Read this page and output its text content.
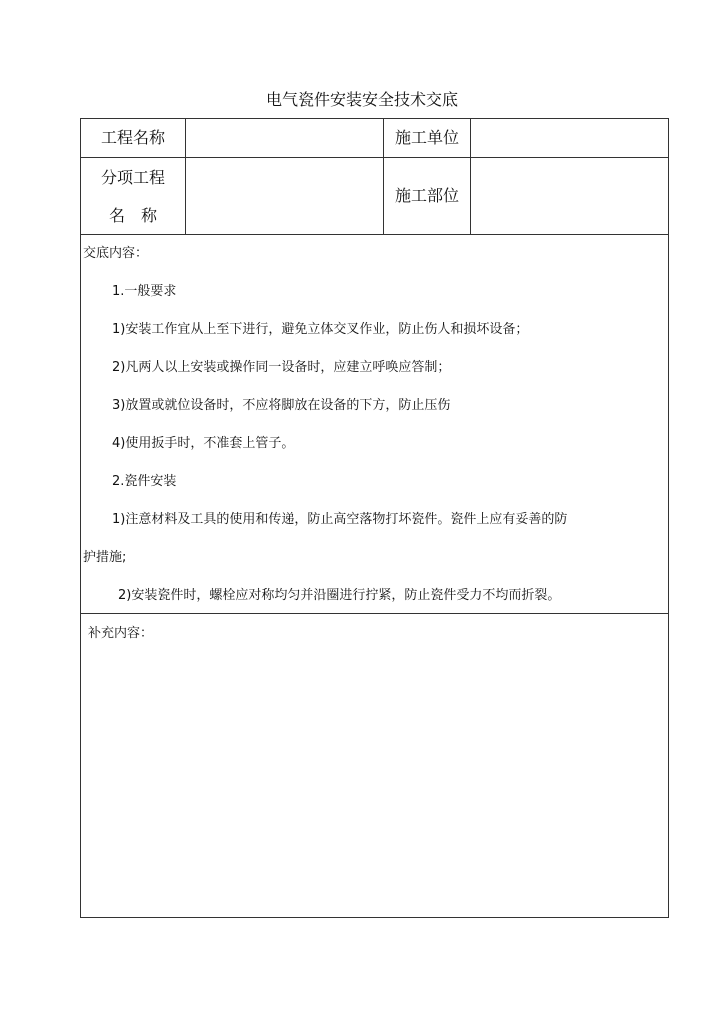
电气瓷件安装安全技术交底
工程名称	施工单位
分项工程
名　称
施工部位
交底内容：
1.一般要求
1)安装工作宜从上至下进行，避免立体交叉作业，防止伤人和损坏设备；
2)凡两人以上安装或操作同一设备时，应建立呼唤应答制；
3)放置或就位设备时，不应将脚放在设备的下方，防止压伤
4)使用扳手时，不准套上管子。
2.瓷件安装
1)注意材料及工具的使用和传递，防止高空落物打坏瓷件。瓷件上应有妥善的防
护措施;
2)安装瓷件时，螺栓应对称均匀并沿圈进行拧紧，防止瓷件受力不均而折裂。
补充内容：
